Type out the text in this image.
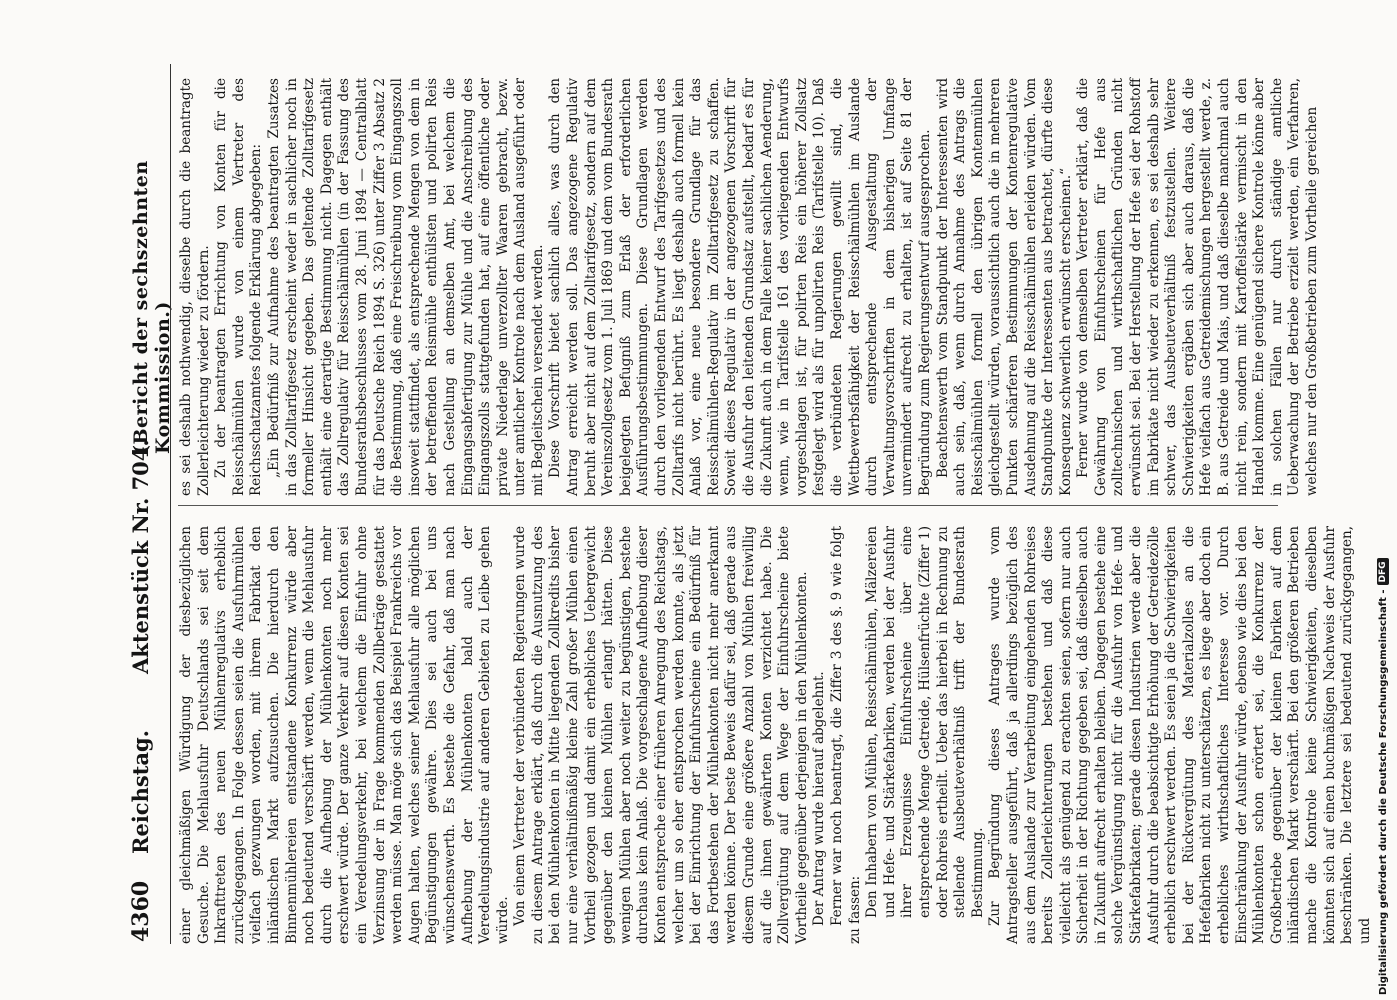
4360
Reichstag.
Aktenstück Nr. 704.
(Bericht der sechszehnten Kommission.)

einer gleichmäßigen Würdigung der diesbezüglichen Gesuche. Die Mehlausfuhr Deutschlands sei seit dem Inkrafttreten des neuen Mühlenregulativs erheblich zurückgegangen. In Folge dessen seien die Ausfuhrmühlen vielfach gezwungen worden, mit ihrem Fabrikat den inländischen Markt aufzusuchen. Die hierdurch den Binnenmühlereien entstandene Konkurrenz würde aber noch bedeutend verschärft werden, wenn die Mehlausfuhr durch die Aufhebung der Mühlenkonten noch mehr erschwert würde. Der ganze Verkehr auf diesen Konten sei ein Veredelungsverkehr, bei welchem die Einfuhr ohne Verzinsung der in Frage kommenden Zollbeträge gestattet werden müsse. Man möge sich das Beispiel Frankreichs vor Augen halten, welches seiner Mehlausfuhr alle möglichen Begünstigungen gewähre. Dies sei auch bei uns wünschenswerth. Es bestehe die Gefahr, daß man nach Aufhebung der Mühlenkonten bald auch der Veredelungsindustrie auf anderen Gebieten zu Leibe gehen würde. Von einem Vertreter der verbündeten Regierungen wurde zu diesem Antrage erklärt, daß durch die Ausnutzung des bei den Mühlenkonten in Mitte liegenden Zollkredits bisher nur eine verhältnißmäßig kleine Zahl großer Mühlen einen Vortheil gezogen und damit ein erhebliches Uebergewicht gegenüber den kleinen Mühlen erlangt hätten. Diese wenigen Mühlen aber noch weiter zu begünstigen, bestehe durchaus kein Anlaß. Die vorgeschlagene Aufhebung dieser Konten entspreche einer früheren Anregung des Reichstags, welcher um so eher entsprochen werden konnte, als jetzt bei der Einrichtung der Einfuhrscheine ein Bedürfniß für das Fortbestehen der Mühlenkonten nicht mehr anerkannt werden könne. Der beste Beweis dafür sei, daß gerade aus diesem Grunde eine größere Anzahl von Mühlen freiwillig auf die ihnen gewährten Konten verzichtet habe. Die Zollvergütung auf dem Wege der Einfuhrscheine biete Vortheile gegenüber derjenigen in den Mühlenkonten. Der Antrag wurde hierauf abgelehnt. Ferner war noch beantragt, die Ziffer 3 des §. 9 wie folgt zu fassen: Den Inhabern von Mühlen, Reisschälmühlen, Mälzereien und Hefe- und Stärkefabriken, werden bei der Ausfuhr ihrer Erzeugnisse Einfuhrscheine über eine entsprechende Menge Getreide, Hülsenfrüchte (Ziffer 1) oder Rohreis ertheilt. Ueber das hierbei in Rechnung zu stellende Ausbeuteverhältniß trifft der Bundesrath Bestimmung. Zur Begründung dieses Antrages wurde vom Antragsteller ausgeführt, daß ja allerdings bezüglich des aus dem Auslande zur Verarbeitung eingehenden Rohreises bereits Zollerleichterungen bestehen und daß diese vielleicht als genügend zu erachten seien, sofern nur auch Sicherheit in der Richtung gegeben sei, daß dieselben auch in Zukunft aufrecht erhalten bleiben. Dagegen bestehe eine solche Vergünstigung nicht für die Ausfuhr von Hefe- und Stärkefabrikaten; gerade diesen Industrien werde aber die Ausfuhr durch die beabsichtigte Erhöhung der Getreidezölle erheblich erschwert werden. Es seien ja die Schwierigkeiten bei der Rückvergütung des Materialzolles an die Hefefabriken nicht zu unterschätzen, es liege aber doch ein erhebliches wirthschaftliches Interesse vor. Durch Einschränkung der Ausfuhr würde, ebenso wie dies bei den Mühlenkonten schon erörtert sei, die Konkurrenz der Großbetriebe gegenüber der kleinen Fabriken auf dem inländischen Markt verschärft. Bei den größeren Betrieben mache die Kontrole keine Schwierigkeiten, dieselben könnten sich auf einen buchmäßigen Nachweis der Ausfuhr beschränken. Die letztere sei bedeutend zurückgegangen, und

es sei deshalb nothwendig, dieselbe durch die beantragte Zollerleichterung wieder zu fördern. Zu der beantragten Errichtung von Konten für die Reisschälmühlen wurde von einem Vertreter des Reichsschatzamtes folgende Erklärung abgegeben: „Ein Bedürfniß zur Aufnahme des beantragten Zusatzes in das Zolltarifgesetz erscheint weder in sachlicher noch in formeller Hinsicht gegeben. Das geltende Zolltarifgesetz enthält eine derartige Bestimmung nicht. Dagegen enthält das Zollregulativ für Reisschälmühlen (in der Fassung des Bundesrathsbeschlusses vom 28. Juni 1894 — Centralblatt für das Deutsche Reich 1894 S. 326) unter Ziffer 3 Absatz 2 die Bestimmung, daß eine Freischreibung vom Eingangszoll insoweit stattfindet, als entsprechende Mengen von dem in der betreffenden Reismühle enthülsten und polirten Reis nach Gestellung an demselben Amt, bei welchem die Eingangsabfertigung zur Mühle und die Anschreibung des Eingangszolls stattgefunden hat, auf eine öffentliche oder private Niederlage unverzollter Waaren gebracht, bezw. unter amtlicher Kontrole nach dem Ausland ausgeführt oder mit Begleitschein versendet werden. Diese Vorschrift bietet sachlich alles, was durch den Antrag erreicht werden soll. Das angezogene Regulativ beruht aber nicht auf dem Zolltarifgesetz, sondern auf dem Vereinszollgesetz vom 1. Juli 1869 und dem vom Bundesrath beigelegten Befugniß zum Erlaß der erforderlichen Ausführungsbestimmungen. Diese Grundlagen werden durch den vorliegenden Entwurf des Tarifgesetzes und des Zolltarifs nicht berührt. Es liegt deshalb auch formell kein Anlaß vor, eine neue besondere Grundlage für das Reisschälmühlen-Regulativ im Zolltarifgesetz zu schaffen. Soweit dieses Regulativ in der angezogenen Vorschrift für die Ausfuhr den leitenden Grundsatz aufstellt, bedarf es für die Zukunft auch in dem Falle keiner sachlichen Aenderung, wenn, wie in Tarifstelle 161 des vorliegenden Entwurfs vorgeschlagen ist, für polirten Reis ein höherer Zollsatz festgelegt wird als für unpolirten Reis (Tarifstelle 10). Daß die verbündeten Regierungen gewillt sind, die Wettbewerbsfähigkeit der Reisschälmühlen im Auslande durch entsprechende Ausgestaltung der Verwaltungsvorschriften in dem bisherigen Umfange unvermindert aufrecht zu erhalten, ist auf Seite 81 der Begründung zum Regierungsentwurf ausgesprochen. Beachtenswerth vom Standpunkt der Interessenten wird auch sein, daß, wenn durch Annahme des Antrags die Reisschälmühlen formell den übrigen Kontenmühlen gleichgestellt würden, voraussichtlich auch die in mehreren Punkten schärferen Bestimmungen der Kontenregulative Ausdehnung auf die Reisschälmühlen erleiden würden. Vom Standpunkte der Interessenten aus betrachtet, dürfte diese Konsequenz schwerlich erwünscht erscheinen.“ Ferner wurde von demselben Vertreter erklärt, daß die Gewährung von Einfuhrscheinen für Hefe aus zolltechnischen und wirthschaftlichen Gründen nicht erwünscht sei. Bei der Herstellung der Hefe sei der Rohstoff im Fabrikate nicht wieder zu erkennen, es sei deshalb sehr schwer, das Ausbeuteverhältniß festzustellen. Weitere Schwierigkeiten ergäben sich aber auch daraus, daß die Hefe vielfach aus Getreidemischungen hergestellt werde, z. B. aus Getreide und Mais, und daß dieselbe manchmal auch nicht rein, sondern mit Kartoffelstärke vermischt in den Handel komme. Eine genügend sichere Kontrole könne aber in solchen Fällen nur durch ständige amtliche Ueberwachung der Betriebe erzielt werden, ein Verfahren, welches nur den Großbetrieben zum Vortheile gereichen

Digitalisierung gefördert durch die Deutsche Forschungsgemeinschaft -
DFG
